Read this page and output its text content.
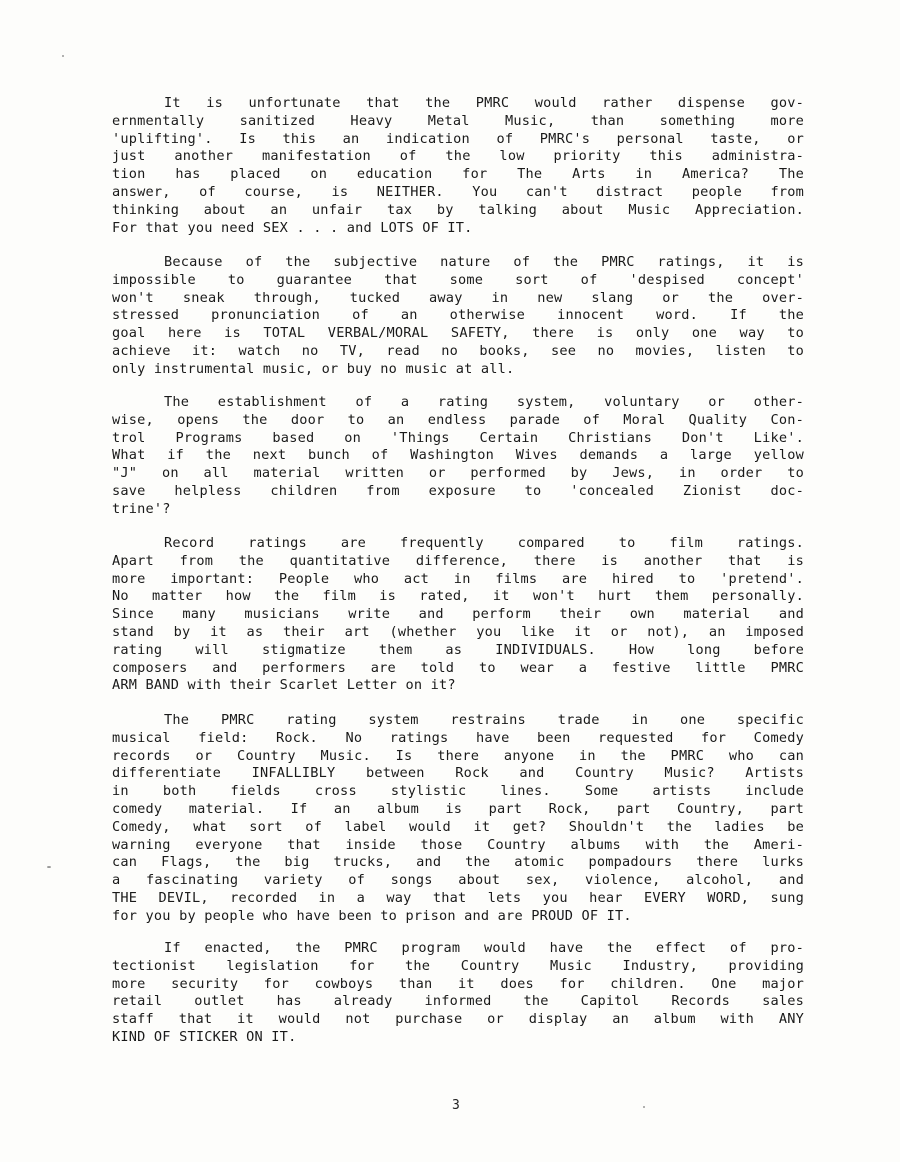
It is unfortunate that the PMRC would rather dispense gov-
ernmentally sanitized Heavy Metal Music, than something more
'uplifting'. Is this an indication of PMRC's personal taste, or
just another manifestation of the low priority this administra-
tion has placed on education for The Arts in America? The
answer, of course, is NEITHER. You can't distract people from
thinking about an unfair tax by talking about Music Appreciation.
For that you need SEX . . . and LOTS OF IT.
Because of the subjective nature of the PMRC ratings, it is
impossible to guarantee that some sort of 'despised concept'
won't sneak through, tucked away in new slang or the over-
stressed pronunciation of an otherwise innocent word. If the
goal here is TOTAL VERBAL/MORAL SAFETY, there is only one way to
achieve it: watch no TV, read no books, see no movies, listen to
only instrumental music, or buy no music at all.
The establishment of a rating system, voluntary or other-
wise, opens the door to an endless parade of Moral Quality Con-
trol Programs based on 'Things Certain Christians Don't Like'.
What if the next bunch of Washington Wives demands a large yellow
"J" on all material written or performed by Jews, in order to
save helpless children from exposure to 'concealed Zionist doc-
trine'?
Record ratings are frequently compared to film ratings.
Apart from the quantitative difference, there is another that is
more important: People who act in films are hired to 'pretend'.
No matter how the film is rated, it won't hurt them personally.
Since many musicians write and perform their own material and
stand by it as their art (whether you like it or not), an imposed
rating will stigmatize them as INDIVIDUALS. How long before
composers and performers are told to wear a festive little PMRC
ARM BAND with their Scarlet Letter on it?
The PMRC rating system restrains trade in one specific
musical field: Rock. No ratings have been requested for Comedy
records or Country Music. Is there anyone in the PMRC who can
differentiate INFALLIBLY between Rock and Country Music? Artists
in both fields cross stylistic lines. Some artists include
comedy material. If an album is part Rock, part Country, part
Comedy, what sort of label would it get? Shouldn't the ladies be
warning everyone that inside those Country albums with the Ameri-
can Flags, the big trucks, and the atomic pompadours there lurks
a fascinating variety of songs about sex, violence, alcohol, and
THE DEVIL, recorded in a way that lets you hear EVERY WORD, sung
for you by people who have been to prison and are PROUD OF IT.
If enacted, the PMRC program would have the effect of pro-
tectionist legislation for the Country Music Industry, providing
more security for cowboys than it does for children. One major
retail outlet has already informed the Capitol Records sales
staff that it would not purchase or display an album with ANY
KIND OF STICKER ON IT.
3
